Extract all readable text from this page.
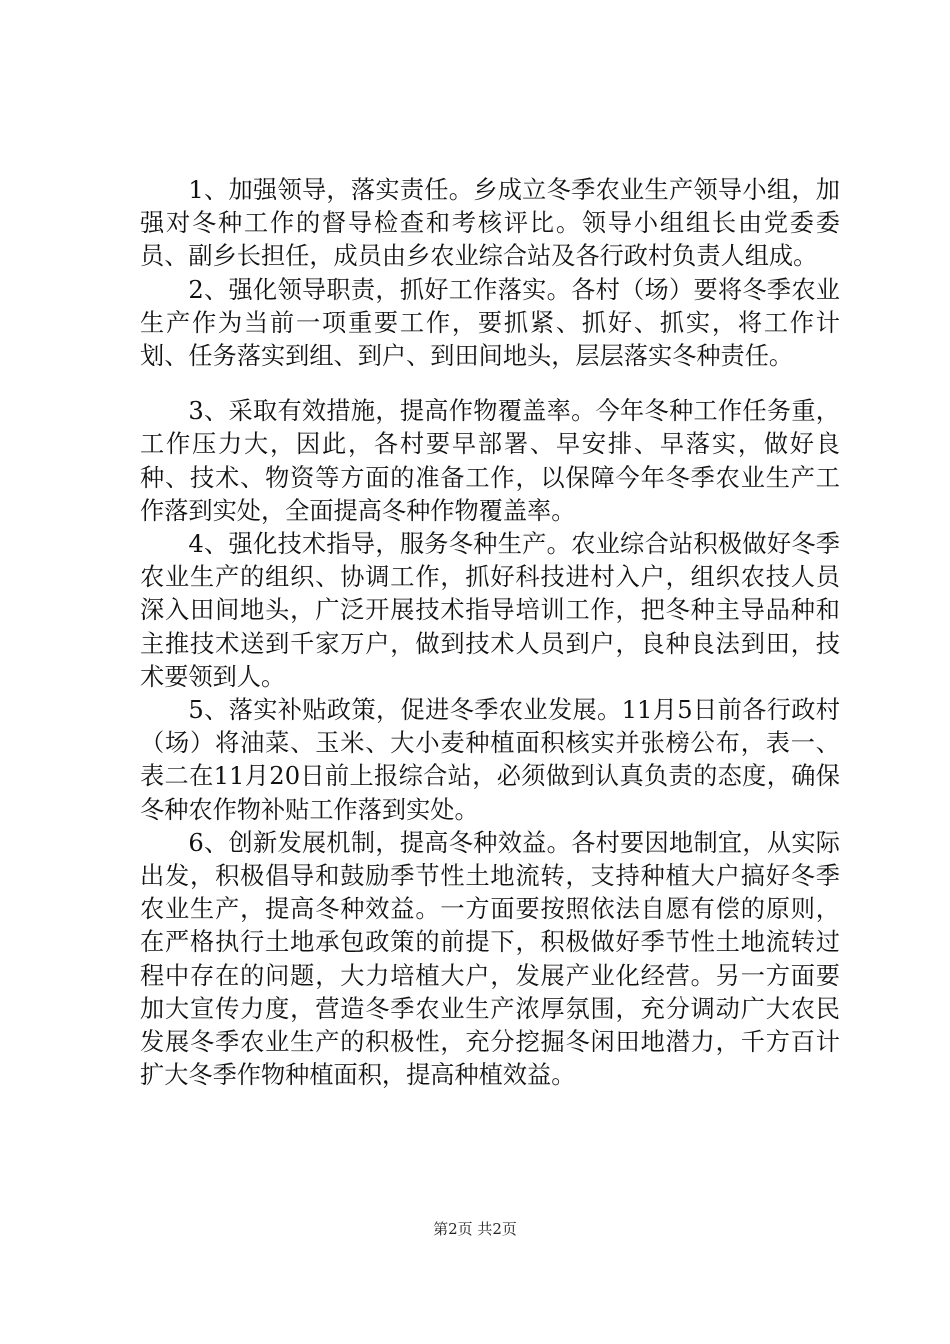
1、加强领导，落实责任。乡成立冬季农业生产领导小组，加强对冬种工作的督导检查和考核评比。领导小组组长由党委委员、副乡长担任，成员由乡农业综合站及各行政村负责人组成。

2、强化领导职责，抓好工作落实。各村（场）要将冬季农业生产作为当前一项重要工作，要抓紧、抓好、抓实，将工作计划、任务落实到组、到户、到田间地头，层层落实冬种责任。

3、采取有效措施，提高作物覆盖率。今年冬种工作任务重，工作压力大，因此，各村要早部署、早安排、早落实，做好良种、技术、物资等方面的准备工作，以保障今年冬季农业生产工作落到实处，全面提高冬种作物覆盖率。

4、强化技术指导，服务冬种生产。农业综合站积极做好冬季农业生产的组织、协调工作，抓好科技进村入户，组织农技人员深入田间地头，广泛开展技术指导培训工作，把冬种主导品种和主推技术送到千家万户，做到技术人员到户，良种良法到田，技术要领到人。

5、落实补贴政策，促进冬季农业发展。11月5日前各行政村（场）将油菜、玉米、大小麦种植面积核实并张榜公布，表一、表二在11月20日前上报综合站，必须做到认真负责的态度，确保冬种农作物补贴工作落到实处。

6、创新发展机制，提高冬种效益。各村要因地制宜，从实际出发，积极倡导和鼓励季节性土地流转，支持种植大户搞好冬季农业生产，提高冬种效益。一方面要按照依法自愿有偿的原则，在严格执行土地承包政策的前提下，积极做好季节性土地流转过程中存在的问题，大力培植大户，发展产业化经营。另一方面要加大宣传力度，营造冬季农业生产浓厚氛围，充分调动广大农民发展冬季农业生产的积极性，充分挖掘冬闲田地潜力，千方百计扩大冬季作物种植面积，提高种植效益。

第2页 共2页
